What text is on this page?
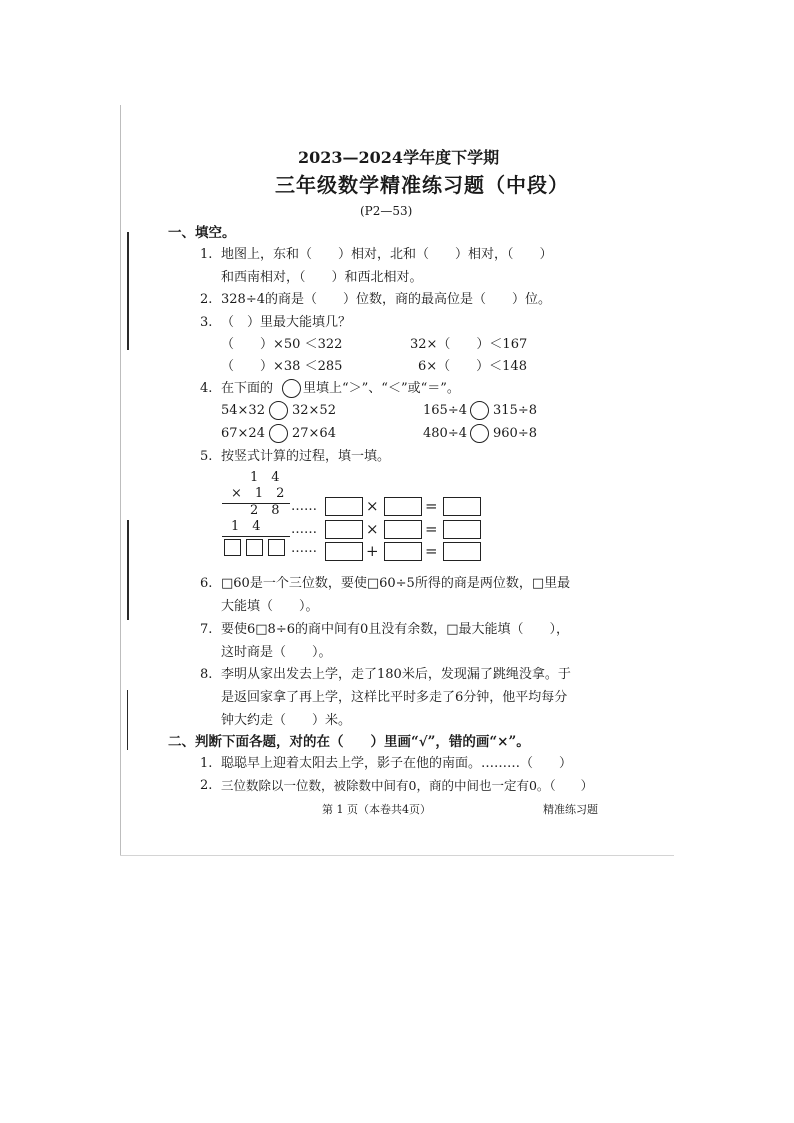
2023—2024学年度下学期
三年级数学精准练习题（中段）
(P2—53)
一、填空。
1. 地图上，东和（　　）相对，北和（　　）相对，（　　）
和西南相对，（　　）和西北相对。
2. 328÷4的商是（　　）位数，商的最高位是（　　）位。
3. （　）里最大能填几？
（　　）×50 ＜322	32×（　　）＜167
（　　）×38 ＜285	6×（　　）＜148
4. 在下面的 里填上“＞”、“＜”或“＝”。
54×32 32×52	165÷4 315÷8
67×24 27×64	480÷4 960÷8
5. 按竖式计算的过程，填一填。
1　4
×　1　2
2　8
1　4
……	×	=
……	×	=
……	+	=
6. □60是一个三位数，要使□60÷5所得的商是两位数，□里最
大能填（　　）。
7. 要使6□8÷6的商中间有0且没有余数，□最大能填（　　），
这时商是（　　）。
8. 李明从家出发去上学，走了180米后，发现漏了跳绳没拿。于
是返回家拿了再上学，这样比平时多走了6分钟，他平均每分
钟大约走（　　）米。
二、判断下面各题，对的在（　　）里画“√”，错的画“×”。
1. 聪聪早上迎着太阳去上学，影子在他的南面。………（　　）
2. 三位数除以一位数，被除数中间有0，商的中间也一定有0。（　　）
第 1 页（本卷共4页）	精准练习题
